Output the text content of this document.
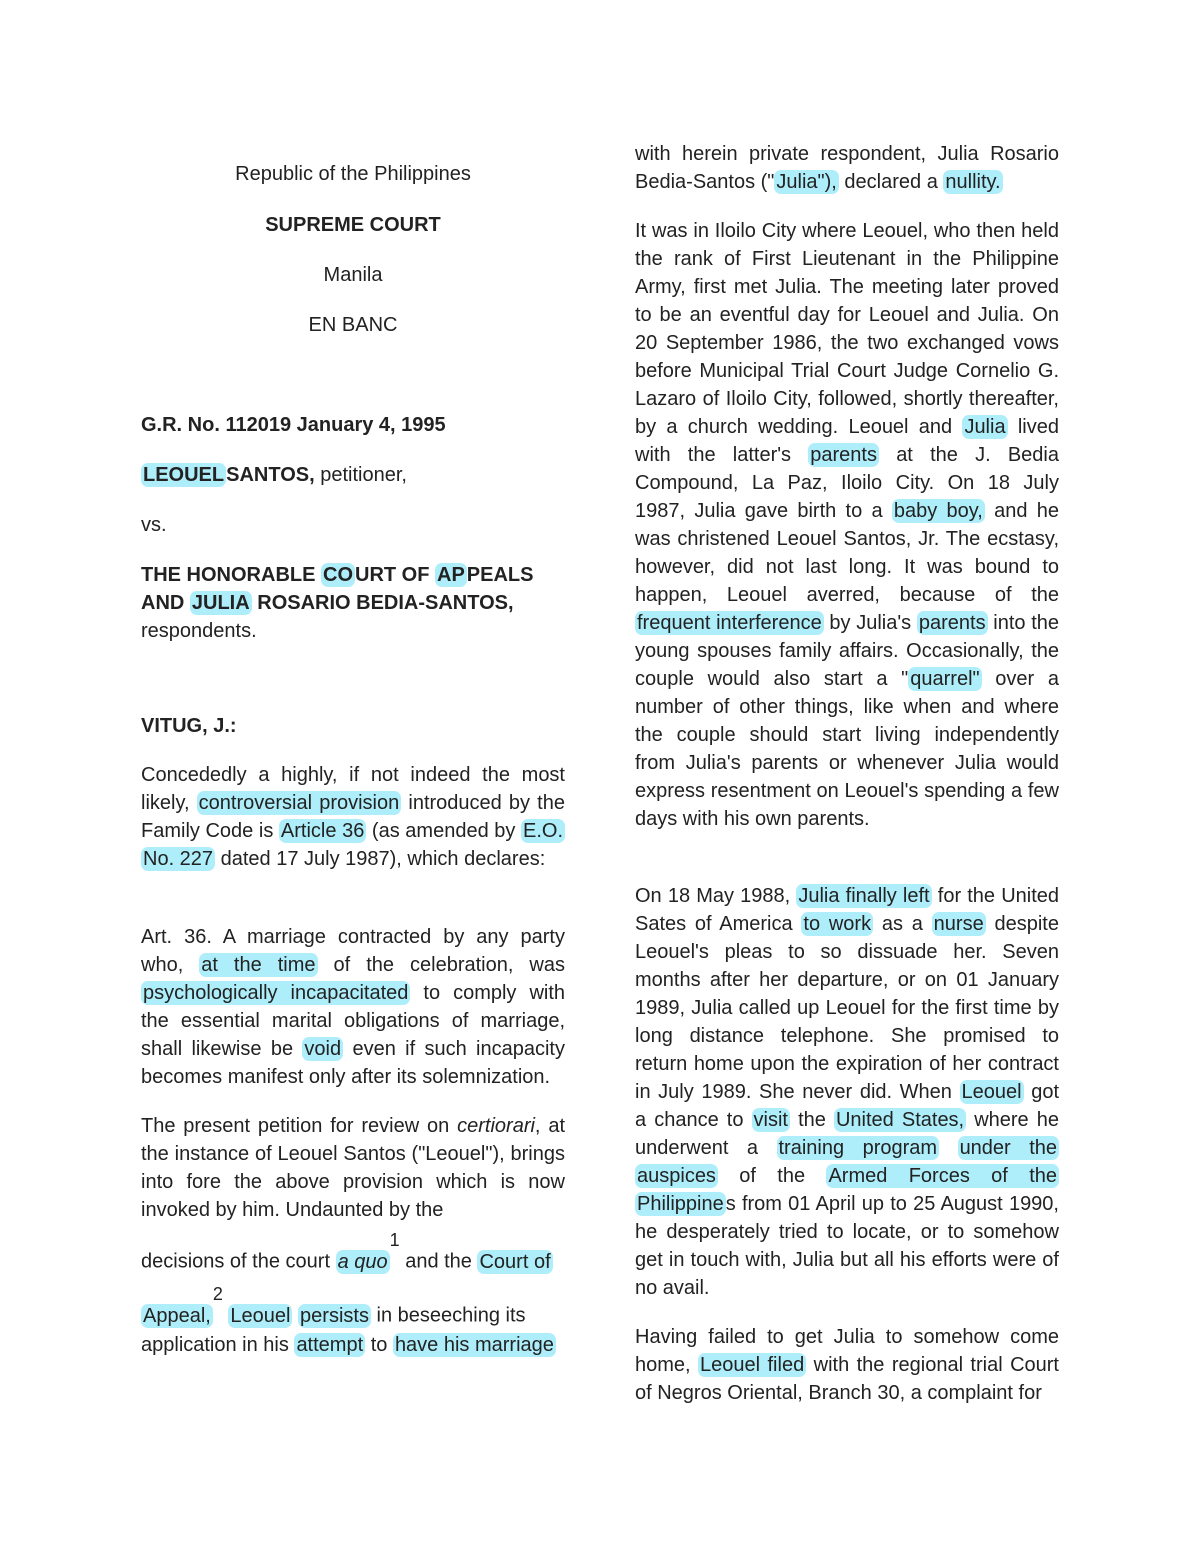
Republic of the Philippines
SUPREME COURT
Manila
EN BANC
G.R. No. 112019 January 4, 1995
LEOUEL SANTOS, petitioner,
vs.
THE HONORABLE CO URT OF AP PEALS
AND JULIA ROSARIO BEDIA-SANTOS,
respondents.
VITUG, J.:

Concededly a highly, if not indeed the most likely, controversial provision introduced by the Family Code is Article 36 (as amended by E.O. No. 227 dated 17 July 1987), which declares:

Art. 36. A marriage contracted by any party who, at the time of the celebration, was psychologically incapacitated to comply with the essential marital obligations of marriage, shall likewise be void even if such incapacity becomes manifest only after its solemnization.

The present petition for review on certiorari, at the instance of Leouel Santos ("Leouel"), brings into fore the above provision which is now invoked by him. Undaunted by the

decisions of the court a quo$^1$ and the Court of
Appeal,$^2$ Leouel persists in beseeching its
application in his attempt to have his marriage

with herein private respondent, Julia Rosario Bedia-Santos (" Julia"), declared a nullity.

It was in Iloilo City where Leouel, who then held the rank of First Lieutenant in the Philippine Army, first met Julia. The meeting later proved to be an eventful day for Leouel and Julia. On 20 September 1986, the two exchanged vows before Municipal Trial Court Judge Cornelio G. Lazaro of Iloilo City, followed, shortly thereafter, by a church wedding. Leouel and Julia lived with the latter's parents at the J. Bedia Compound, La Paz, Iloilo City. On 18 July 1987, Julia gave birth to a baby boy, and he was christened Leouel Santos, Jr. The ecstasy, however, did not last long. It was bound to happen, Leouel averred, because of the frequent interference by Julia's parents into the young spouses family affairs. Occasionally, the couple would also start a " quarrel" over a number of other things, like when and where the couple should start living independently from Julia's parents or whenever Julia would express resentment on Leouel's spending a few days with his own parents.

On 18 May 1988, Julia finally left for the United Sates of America to work as a nurse despite Leouel's pleas to so dissuade her. Seven months after her departure, or on 01 January 1989, Julia called up Leouel for the first time by long distance telephone. She promised to return home upon the expiration of her contract in July 1989. She never did. When Leouel got a chance to visit the United States, where he underwent a training program under the auspices of the Armed Forces of the Philippine s from 01 April up to 25 August 1990, he desperately tried to locate, or to somehow get in touch with, Julia but all his efforts were of no avail.

Having failed to get Julia to somehow come home, Leouel filed with the regional trial Court of Negros Oriental, Branch 30, a complaint for
